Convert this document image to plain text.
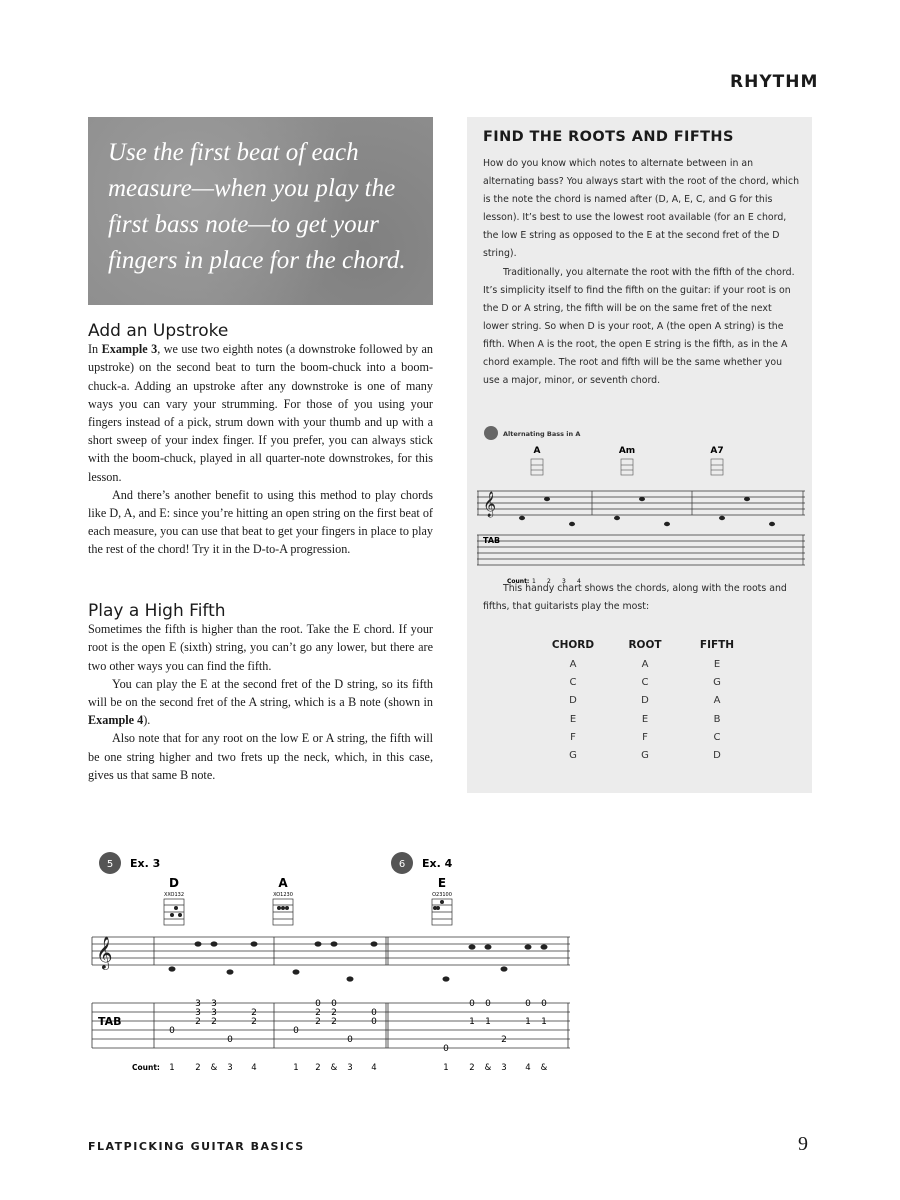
RHYTHM

Use the first beat of each measure—when you play the first bass note—to get your fingers in place for the chord.

Add an Upstroke

In Example 3, we use two eighth notes (a downstroke followed by an upstroke) on the second beat to turn the boom-chuck into a boom-chuck-a. Adding an upstroke after any downstroke is one of many ways you can vary your strumming. For those of you using your fingers instead of a pick, strum down with your thumb and up with a short sweep of your index finger. If you prefer, you can always stick with the boom-chuck, played in all quarter-note downstrokes, for this lesson.

And there’s another benefit to using this method to play chords like D, A, and E: since you’re hitting an open string on the first beat of each measure, you can use that beat to get your fingers in place to play the rest of the chord! Try it in the D-to-A progression.

Play a High Fifth

Sometimes the fifth is higher than the root. Take the E chord. If your root is the open E (sixth) string, you can’t go any lower, but there are two other ways you can find the fifth.

You can play the E at the second fret of the D string, so its fifth will be on the second fret of the A string, which is a B note (shown in Example 4).

Also note that for any root on the low E or A string, the fifth will be one string higher and two frets up the neck, which, in this case, gives us that same B note.

FIND THE ROOTS AND FIFTHS

How do you know which notes to alternate between in an alternating bass? You always start with the root of the chord, which is the note the chord is named after (D, A, E, C, and G for this lesson). It’s best to use the lowest root available (for an E chord, the low E string as opposed to the E at the second fret of the D string).

Traditionally, you alternate the root with the fifth of the chord. It’s simplicity itself to find the fifth on the guitar: if your root is on the D or A string, the fifth will be on the same fret of the next lower string. So when D is your root, A (the open A string) is the fifth. When A is the root, the open E string is the fifth, as in the A chord example. The root and fifth will be the same whether you use a major, minor, or seventh chord.

Alternating Bass in A
A	Am	A7
𝄞
TAB
Count: 1 2 3 4

This handy chart shows the chords, along with the roots and fifths, that guitarists play the most:

CHORD	ROOT	FIFTH
A	A	E
C	C	G
D	D	A
E	E	B
F	F	C
G	G	D
5 Ex. 3	6 Ex. 4
D	A	E
XXO132	XO1230	O23100
𝄞
TAB
3 3
3 3
2 2
2
2
0 0
2 2
2 2
0
0
0
0
0
0
0 0	0 0
1 1	1 1
0
2
Count: 1 2 & 3 4	1 2 & 3 4	1 2 & 3 4 &
FLATPICKING GUITAR BASICS	9
